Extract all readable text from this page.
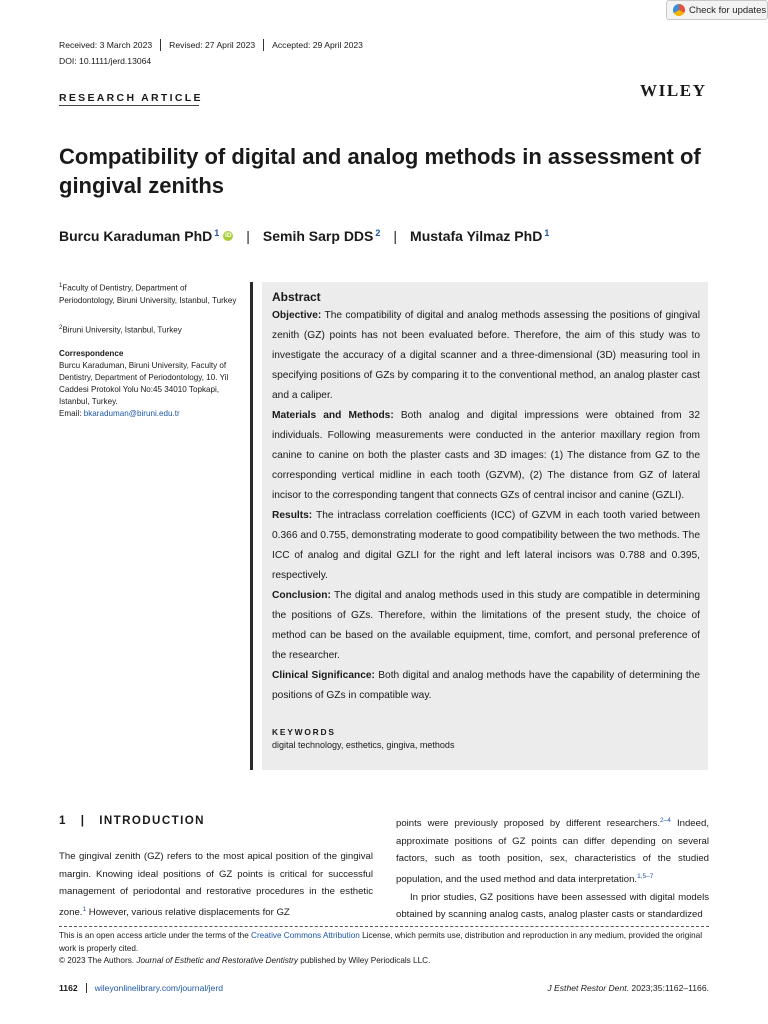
Check for updates
Received: 3 March 2023	Revised: 27 April 2023	Accepted: 29 April 2023
DOI: 10.1111/jerd.13064
RESEARCH ARTICLE	WILEY
Compatibility of digital and analog methods in assessment of gingival zeniths
Burcu Karaduman PhD$^1$ iD | Semih Sarp DDS$^2$ | Mustafa Yilmaz PhD$^1$
$^1$Faculty of Dentistry, Department of Periodontology, Biruni University, Istanbul, Turkey
$^2$Biruni University, Istanbul, Turkey
Correspondence
Burcu Karaduman, Biruni University, Faculty of Dentistry, Department of Periodontology, 10. Yil Caddesi Protokol Yolu No:45 34010 Topkapi, Istanbul, Turkey.
Email: bkaraduman@biruni.edu.tr
Abstract

Objective: The compatibility of digital and analog methods assessing the positions of gingival zenith (GZ) points has not been evaluated before. Therefore, the aim of this study was to investigate the accuracy of a digital scanner and a three-dimensional (3D) measuring tool in specifying positions of GZs by comparing it to the conventional method, an analog plaster cast and a caliper.

Materials and Methods: Both analog and digital impressions were obtained from 32 individuals. Following measurements were conducted in the anterior maxillary region from canine to canine on both the plaster casts and 3D images: (1) The distance from GZ to the corresponding vertical midline in each tooth (GZVM), (2) The distance from GZ of lateral incisor to the corresponding tangent that connects GZs of central incisor and canine (GZLI).

Results: The intraclass correlation coefficients (ICC) of GZVM in each tooth varied between 0.366 and 0.755, demonstrating moderate to good compatibility between the two methods. The ICC of analog and digital GZLI for the right and left lateral incisors was 0.788 and 0.395, respectively.

Conclusion: The digital and analog methods used in this study are compatible in determining the positions of GZs. Therefore, within the limitations of the present study, the choice of method can be based on the available equipment, time, comfort, and personal preference of the researcher.

Clinical Significance: Both digital and analog methods have the capability of determining the positions of GZs in compatible way.

KEYWORDS
digital technology, esthetics, gingiva, methods
1   |   INTRODUCTION
The gingival zenith (GZ) refers to the most apical position of the gingival margin. Knowing ideal positions of GZ points is critical for successful management of periodontal and restorative procedures in the esthetic zone.$^1$ However, various relative displacements for GZ
points were previously proposed by different researchers.$^{2-4}$ Indeed, approximate positions of GZ points can differ depending on several factors, such as tooth position, sex, characteristics of the studied population, and the used method and data interpretation.$^{1,5-7}$
In prior studies, GZ positions have been assessed with digital models obtained by scanning analog casts, analog plaster casts or standardized
This is an open access article under the terms of the Creative Commons Attribution License, which permits use, distribution and reproduction in any medium, provided the original work is properly cited.
© 2023 The Authors. Journal of Esthetic and Restorative Dentistry published by Wiley Periodicals LLC.
1162	wileyonlinelibrary.com/journal/jerd	J Esthet Restor Dent. 2023;35:1162–1166.
